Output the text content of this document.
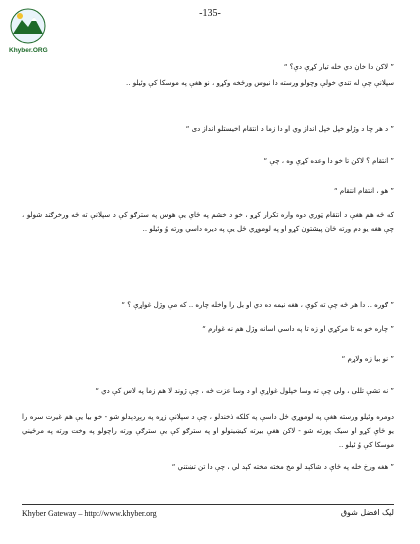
Khyber.ORG
-135-

” لاکن دا خان دي خله تيار کړې دې؟ “

سپلانې چې له تندي خولې وچولو ورسته دا نيوس ورځخه وکړو ، نو هغې په موسکا کې وئيلو ..

” د هر چا د وژلو خپل خپل انداز وي او دا زما د انتقام اخيستلو انداز دی “

” انتقام ؟ لاکن تا خو دا وعده کړې وه ، چې “

” هو ، انتقام انتقام “

که څه هم هغې د انتقام ټوري دوه واره تکرار کړو ، خو د خشم په ځاې يې هوس په سترګو کې د سپلانې ته څه ورخرګند شولو ، چې هغه يو دم ورته ځان پيشتون کړو او په لوموړي ځل يې په ديره داسي ورته وُ وئيلو ..

” ګوره .. دا هر څه چې ته کوې ، هغه نيمه ده دي او بل را واخله چاره .. که مې وژل غواړې ؟ “

” چاره خو به تا مرکړي او زه تا په داسي اسانه وژل هم نه غوارم “

” نو بيا زه ولاړم “

” نه تشې تللی ، ولی چې ته وسا خپلول غواړې او د وسا عزت څه ، چې ژوند لا هم زما په لاس کې دي “

دومره وئيلو ورسته هغې په لوموړي ځل داسې په کلکه ذخندلو ، چې د سپلانې زړه په رېږدېدلو شو - خو بيا يې هم غيرت سره را يو ځاې کړو او سيک پورته شو - لاکن هغې بيرته کيښينولو او په سترګو کې يې سترګې ورته راچولو په وخت ورته په مرځيني موسکا کې وُ ئيلو ..

” هغه ورخ خله په ځاې د شاکېد لو مخ مخته مخته کېد لي ، چې دا تن تښتني “

Khyber Gateway – http://www.khyber.org	ليک افضل شوق
